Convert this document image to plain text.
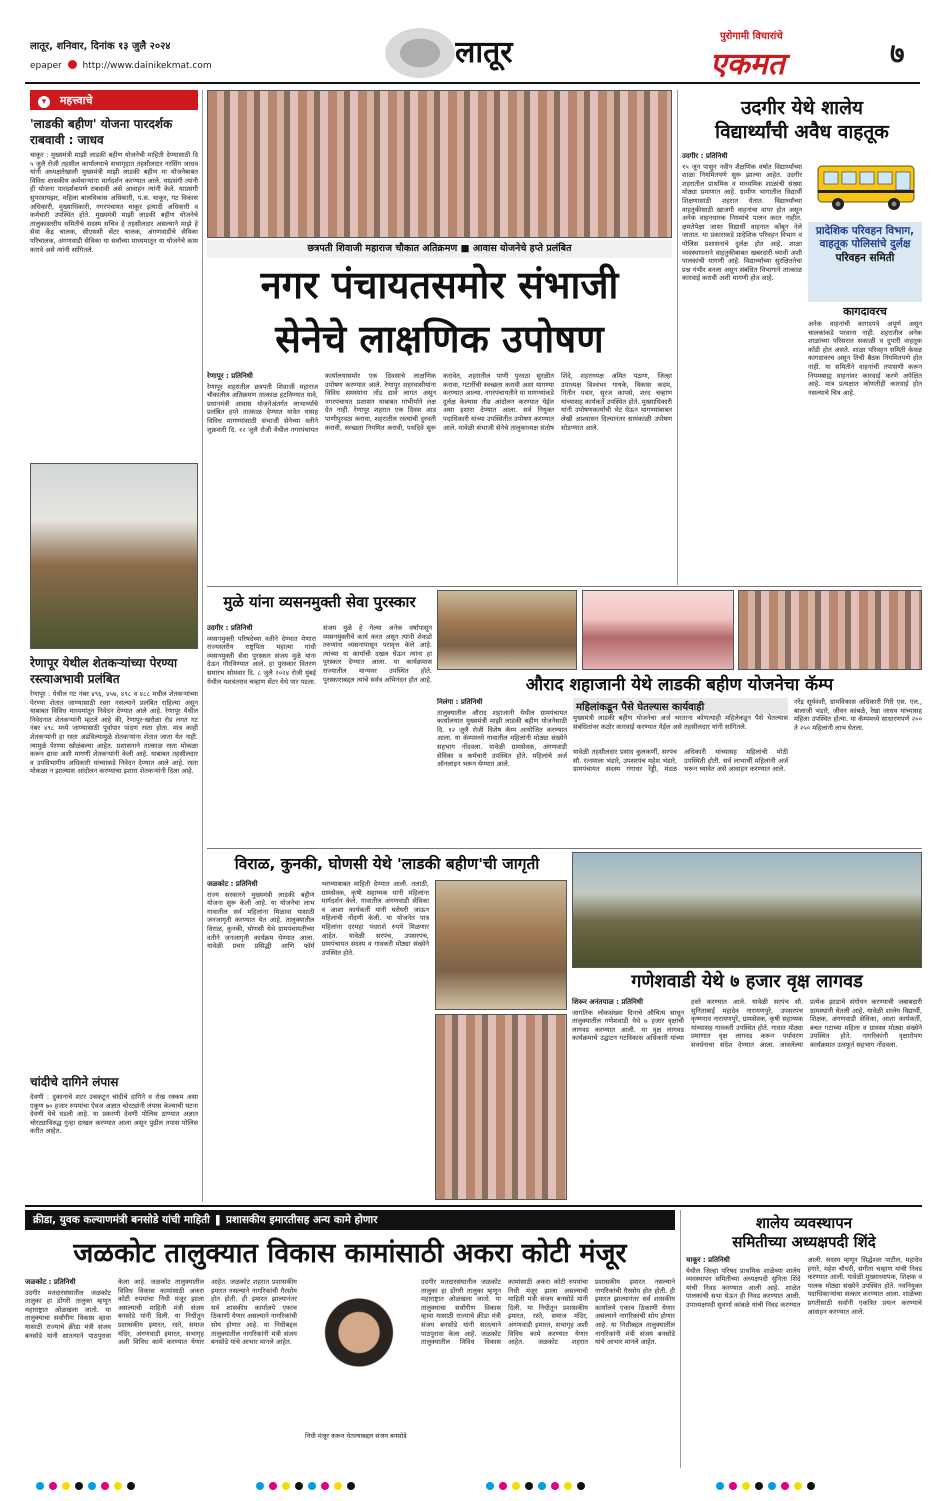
लातूर, शनिवार, दिनांक १३ जुलै २०२४
epaper http://www.dainikekmat.com	लातूर	पुरोगामी विचारांचे
एकमत	७
▾ महत्त्वाचे
'लाडकी बहीण' योजना पारदर्शक राबवावी : जाधव
चाकूर : मुख्यमंत्री माझी लाडकी बहीण योजनेची माहिती देण्यासाठी दि ५ जुलै रोजी तहसील कार्यालयाचे सभागृहात तहसीलदार नरसिंग जाधव यांनी अध्यक्षतेखाली मुख्यमंत्री माझी लाडकी बहीण या योजनेबाबत विविध शासकीय कर्मचाऱ्यांना मार्गदर्शन करण्यात आले. याप्रसंगी त्यांनी ही योजना पारदर्शकपणे राबवावी असे आवाहन त्यांनी केले. याप्रसंगी सुपरवायझर, महिला बालविकास अधिकारी, पं.स. चाकूर, गट विकास अधिकारी, मुख्याधिकारी, नगरपंचायत चाकूर इत्यादी अधिकारी व कर्मचारी उपस्थित होते. मुख्यमंत्री माझी लाडकी बहीण योजनेचे तालुकास्तरीय समितीचे सदस्य सचिव हे तहसीलदार असल्याने माझे हे सेवा केंद्र चालक, सीएससी सेंटर चालक, अंगणवाडीचे सेविका परिचालक, अंगणवाडी सेविका या सर्वांच्या माध्यमातून या योजनेचे काम करावे असे त्यांनी सांगितले.
रेणापूर येथील शेतकऱ्यांच्या पेरण्या रस्त्याअभावी प्रलंबित
रेणापूर : येथील गट नंबर ४९६, ४५७, ४९८ व ४८८ मधील शेतकऱ्यांच्या पेरण्या शेतात जाण्यासाठी रस्ता नसल्याने प्रलंबित राहिल्या असून याबाबत विविध माध्यमांतून निवेदन देण्यात आले आहे. रेणापूर येथील निवेदनात शेतकऱ्यांनी म्हटले आहे की, रेणापूर-खरोळा रोड लगत गट नंबर ४९८ मध्ये जाण्यासाठी पूर्वापार पांदण रस्ता होता. मात्र काही शेतकऱ्यांनी हा रस्ता अडविल्यामुळे शेतकऱ्यांना शेतात जाता येत नाही. त्यामुळे पेरण्या खोळंबल्या आहेत. प्रशासनाने तात्काळ रस्ता मोकळा करून द्यावा अशी मागणी शेतकऱ्यांनी केली आहे. याबाबत तहसीलदार व उपविभागीय अधिकारी यांच्याकडे निवेदन देण्यात आले आहे. रस्ता मोकळा न झाल्यास आंदोलन करण्याचा इशारा शेतकऱ्यांनी दिला आहे.
चांदीचे दागिने लंपास
देवणी : दुकानाचे शटर उचकटून चांदीचे दागिने व रोख रक्कम असा एकूण ७० हजार रुपयांचा ऐवज अज्ञात चोरट्यांनी लंपास केल्याची घटना देवणी येथे घडली आहे. या प्रकरणी देवणी पोलिस ठाण्यात अज्ञात चोरट्याविरुद्ध गुन्हा दाखल करण्यात आला असून पुढील तपास पोलिस करीत आहेत.
छत्रपती शिवाजी महाराज चौकात अतिक्रमण ■ आवास योजनेचे हप्ते प्रलंबित
नगर पंचायतसमोर संभाजी
सेनेचे लाक्षणिक उपोषण
रेणापूर : प्रतिनिधी
रेणापूर शहरातील छत्रपती शिवाजी महाराज चौकातील अतिक्रमण तात्काळ हटविण्यात यावे, प्रधानमंत्री आवास योजनेअंतर्गत लाभार्थ्यांचे प्रलंबित हप्ते तात्काळ देण्यात यावेत यासह विविध मागण्यांसाठी संभाजी सेनेच्या वतीने शुक्रवारी दि. १२ जुलै रोजी येथील नगरपंचायत कार्यालयासमोर एक दिवसाचे लाक्षणिक उपोषण करण्यात आले. रेणापूर शहरवासीयांना विविध समस्यांना तोंड द्यावे लागत असून नगरपंचायत प्रशासन याबाबत गांभीर्याने लक्ष देत नाही. रेणापूर शहरात एक दिवस आड पाणीपुरवठा करावा, शहरातील रस्त्यांची दुरुस्ती करावी, स्वच्छता नियमित करावी, पथदिवे सुरू करावेत, शहरातील पाणी पुरवठा सुरळीत करावा, गटारींची स्वच्छता करावी अशा मागण्या करण्यात आल्या. नगरपंचायतीने या मागण्यांकडे दुर्लक्ष केल्यास तीव्र आंदोलन करण्यात येईल असा इशारा देण्यात आला. सर्व नियुक्त पदाधिकारी यांच्या उपस्थितीत उपोषण करण्यात आले. यावेळी संभाजी सेनेचे तालुकाध्यक्ष संतोष शिंदे, शहराध्यक्ष अमित पठाण, जिल्हा उपाध्यक्ष विश्वंभर गायके, विकास कदम, नितीन पवार, सुरज कापसे, शरद चव्हाण यांच्यासह कार्यकर्ते उपस्थित होते. मुख्याधिकारी यांनी उपोषणकर्त्यांची भेट घेऊन मागण्यांबाबत लेखी आश्वासन दिल्यानंतर सायंकाळी उपोषण सोडण्यात आले.
उदगीर येथे शालेय
विद्यार्थ्यांची अवैध वाहतूक
उदगीर : प्रतिनिधी
१५ जून पासून नवीन शैक्षणिक वर्षात विद्यार्थ्यांच्या शाळा नियमितपणे सुरू झाल्या आहेत. उदगीर शहरातील प्राथमिक व माध्यमिक शाळांची संख्या मोठ्या प्रमाणात आहे. ग्रामीण भागातील विद्यार्थी शिक्षणासाठी शहरात येतात. विद्यार्थ्यांच्या वाहतुकीसाठी खाजगी वाहनांचा वापर होत असून अनेक वाहनधारक नियमांचे पालन करत नाहीत. क्षमतेपेक्षा जास्त विद्यार्थी वाहनात कोंबून नेले जातात. या प्रकाराकडे प्रादेशिक परिवहन विभाग व पोलिस प्रशासनाचे दुर्लक्ष होत आहे. शाळा व्यवस्थापनाने वाहतुकीबाबत खबरदारी घ्यावी अशी पालकांची मागणी आहे. विद्यार्थ्यांच्या सुरक्षिततेचा प्रश्न गंभीर बनला असून संबंधित विभागाने तात्काळ कारवाई करावी अशी मागणी होत आहे.
प्रादेशिक परिवहन विभाग, वाहतूक पोलिसांचे दुर्लक्ष
परिवहन समिती
कागदावरच
अनेक वाहनांची कागदपत्रे अपूर्ण असून चालकांकडे परवाना नाही. शहरातील अनेक शाळांच्या परिसरात सकाळी व दुपारी वाहतूक कोंडी होत असते. शाळा परिवहन समिती केवळ कागदावरच असून तिची बैठक नियमितपणे होत नाही. या समितीने वाहनांची तपासणी करून नियमबाह्य वाहनांवर कारवाई करणे अपेक्षित आहे. मात्र प्रत्यक्षात कोणतीही कारवाई होत नसल्याचे चित्र आहे.
मुळे यांना व्यसनमुक्ती सेवा पुरस्कार
उदगीर : प्रतिनिधी
व्यसनमुक्ती परिषदेच्या वतीने देण्यात येणारा राज्यस्तरीय राष्ट्रपिता महात्मा गांधी व्यसनमुक्ती सेवा पुरस्कार संजय मुळे यांना देऊन गौरविण्यात आले. हा पुरस्कार वितरण समारंभ सोमवार दि. ८ जुलै २०२४ रोजी मुंबई येथील यशवंतराव चव्हाण सेंटर येथे पार पडला. संजय मुळे हे गेल्या अनेक वर्षांपासून व्यसनमुक्तीचे कार्य करत असून त्यांनी शेकडो तरुणांना व्यसनापासून परावृत्त केले आहे. त्यांच्या या कार्याची दखल घेऊन त्यांना हा पुरस्कार देण्यात आला. या कार्यक्रमास राज्यातील मान्यवर उपस्थित होते. पुरस्काराबद्दल त्यांचे सर्वत्र अभिनंदन होत आहे.	औराद शहाजानी येथे लाडकी बहीण योजनेचा कॅम्प
निलंगा : प्रतिनिधी
तालुक्यातील औराद शहाजानी येथील ग्रामपंचायत कार्यालयात मुख्यमंत्री माझी लाडकी बहीण योजनेसाठी दि. १२ जुलै रोजी विशेष कॅम्प आयोजित करण्यात आला. या कॅम्पमध्ये गावातील महिलांनी मोठ्या संख्येने सहभाग नोंदवला. यावेळी ग्रामसेवक, अंगणवाडी सेविका व कर्मचारी उपस्थित होते. महिलांचे अर्ज ऑनलाइन भरून घेण्यात आले.
महिलांकडून पैसे घेतल्यास कार्यवाही
मुख्यमंत्री लाडकी बहीण योजनेचा अर्ज भरताना कोणत्याही महिलेकडून पैसे घेतल्यास संबंधितांवर कठोर कारवाई करण्यात येईल असे तहसीलदार यांनी सांगितले.
यावेळी तहसीलदार प्रसाद कुलकर्णी, सरपंच सौ. रत्नमाला भंडारे, उपसरपंच महेश भंडारे, ग्रामपंचायत सदस्य गंगाधर रेड्डी, मंडळ अधिकारी यांच्यासह महिलांची मोठी उपस्थिती होती. सर्व लाभार्थी महिलांनी अर्ज भरून घ्यावेत असे आवाहन करण्यात आले.
नरेंद्र सूर्यवंशी, ग्रामविकास अधिकारी गिरी एस. एल., बालाजी भंडारे, जीवन कांबळे, रेखा जाधव यांच्यासह महिला उपस्थित होत्या. या कॅम्पमध्ये साधारणपणे २०० ते २५० महिलांनी लाभ घेतला.
विराळ, कुनकी, घोणसी येथे 'लाडकी बहीण'ची जागृती
जळकोट : प्रतिनिधी
राज्य सरकारने मुख्यमंत्री लाडकी बहीण योजना सुरू केली आहे. या योजनेचा लाभ गावातील सर्व महिलांना मिळावा यासाठी जनजागृती करण्यात येत आहे. तालुक्यातील विराळ, कुनकी, घोणसी येथे ग्रामपंचायतीच्या वतीने जनजागृती कार्यक्रम घेण्यात आला. यावेळी प्रचार प्रसिद्धी आणि फॉर्म भरण्याबाबत माहिती देण्यात आली. तलाठी, ग्रामसेवक, कृषी सहाय्यक यांनी महिलांना मार्गदर्शन केले. गावातील अंगणवाडी सेविका व आशा कार्यकर्ती यांनी घरोघरी जाऊन महिलांची नोंदणी केली. या योजनेत पात्र महिलांना दरमहा पंधराशे रुपये मिळणार आहेत. यावेळी सरपंच, उपसरपंच, ग्रामपंचायत सदस्य व गावकरी मोठ्या संख्येने उपस्थित होते.
गणेशवाडी येथे ७ हजार वृक्ष लागवड
शिरूर अनंतपाळ : प्रतिनिधी
जागतिक लोकसंख्या दिनाचे औचित्य साधून तालुक्यातील गणेशवाडी येथे ७ हजार वृक्षांची लागवड करण्यात आली. या वृक्ष लागवड कार्यक्रमाचे उद्घाटन गटविकास अधिकारी यांच्या हस्ते करण्यात आले. यावेळी सरपंच सौ. सुनिताबाई महादेव नारायणपुरे, उपसरपंच कृष्णराव नारायणपुरे, ग्रामसेवक, कृषी सहाय्यक यांच्यासह गावकरी उपस्थित होते. गावात मोठ्या प्रमाणात वृक्ष लागवड करून पर्यावरण संवर्धनाचा संदेश देण्यात आला. लावलेल्या प्रत्येक झाडाचे संगोपन करण्याची जबाबदारी ग्रामस्थांनी घेतली आहे. यावेळी शालेय विद्यार्थी, शिक्षक, अंगणवाडी सेविका, आशा कार्यकर्ती, बचत गटाच्या महिला व ग्रामस्थ मोठ्या संख्येने उपस्थित होते. नागरिकांनी वृक्षारोपण कार्यक्रमात उत्स्फूर्त सहभाग नोंदवला.
क्रीडा, युवक कल्याणमंत्री बनसोडे यांची माहिती ❚ प्रशासकीय इमारतीसह अन्य कामे होणार
जळकोट तालुक्यात विकास कामांसाठी अकरा कोटी मंजूर
जळकोट : प्रतिनिधी
उदगीर मतदारसंघातील जळकोट तालुका हा डोंगरी तालुका म्हणून महाराष्ट्रात ओळखला जातो. या तालुक्याचा सर्वांगीण विकास व्हावा यासाठी राज्याचे क्रीडा मंत्री संजय बनसोडे यांनी सातत्याने पाठपुरावा केला आहे. जळकोट तालुक्यातील विविध विकास कामांसाठी अकरा कोटी रुपयांचा निधी मंजूर झाला असल्याची माहिती मंत्री संजय बनसोडे यांनी दिली. या निधीतून प्रशासकीय इमारत, रस्ते, समाज मंदिर, अंगणवाडी इमारत, सभागृह अशी विविध कामे करण्यात येणार आहेत. जळकोट शहरात प्रशासकीय इमारत नसल्याने नागरिकांची गैरसोय होत होती. ही इमारत झाल्यानंतर सर्व शासकीय कार्यालये एकाच ठिकाणी येणार असल्याने नागरिकांची सोय होणार आहे. या निधीबद्दल तालुक्यातील नागरिकांनी मंत्री संजय बनसोडे यांचे आभार मानले आहेत.
निधी मंजूर करून घेतल्याबद्दल संजय बनसोडे
उदगीर मतदारसंघातील जळकोट तालुका हा डोंगरी तालुका म्हणून महाराष्ट्रात ओळखला जातो. या तालुक्याचा सर्वांगीण विकास व्हावा यासाठी राज्याचे क्रीडा मंत्री संजय बनसोडे यांनी सातत्याने पाठपुरावा केला आहे. जळकोट तालुक्यातील विविध विकास कामांसाठी अकरा कोटी रुपयांचा निधी मंजूर झाला असल्याची माहिती मंत्री संजय बनसोडे यांनी दिली. या निधीतून प्रशासकीय इमारत, रस्ते, समाज मंदिर, अंगणवाडी इमारत, सभागृह अशी विविध कामे करण्यात येणार आहेत. जळकोट शहरात प्रशासकीय इमारत नसल्याने नागरिकांची गैरसोय होत होती. ही इमारत झाल्यानंतर सर्व शासकीय कार्यालये एकाच ठिकाणी येणार असल्याने नागरिकांची सोय होणार आहे. या निधीबद्दल तालुक्यातील नागरिकांनी मंत्री संजय बनसोडे यांचे आभार मानले आहेत.
शालेय व्यवस्थापन
समितीच्या अध्यक्षपदी शिंदे
चाकूर : प्रतिनिधी
येथील जिल्हा परिषद प्राथमिक शाळेच्या शालेय व्यवस्थापन समितीच्या अध्यक्षपदी सुनिता शिंदे यांची निवड करण्यात आली आहे. शाळेत पालकांची सभा घेऊन ही निवड करण्यात आली. उपाध्यक्षपदी सुवर्णा कांबळे यांची निवड करण्यात आली. सदस्य म्हणून सिद्धेश्वर पाटील, महादेव हगारे, महेश चौधरी, संगीता चव्हाण यांची निवड करण्यात आली. यावेळी मुख्याध्यापक, शिक्षक व पालक मोठ्या संख्येने उपस्थित होते. नवनियुक्त पदाधिकाऱ्यांचा सत्कार करण्यात आला. शाळेच्या प्रगतीसाठी सर्वांनी एकत्रित प्रयत्न करण्याचे आवाहन करण्यात आले.
